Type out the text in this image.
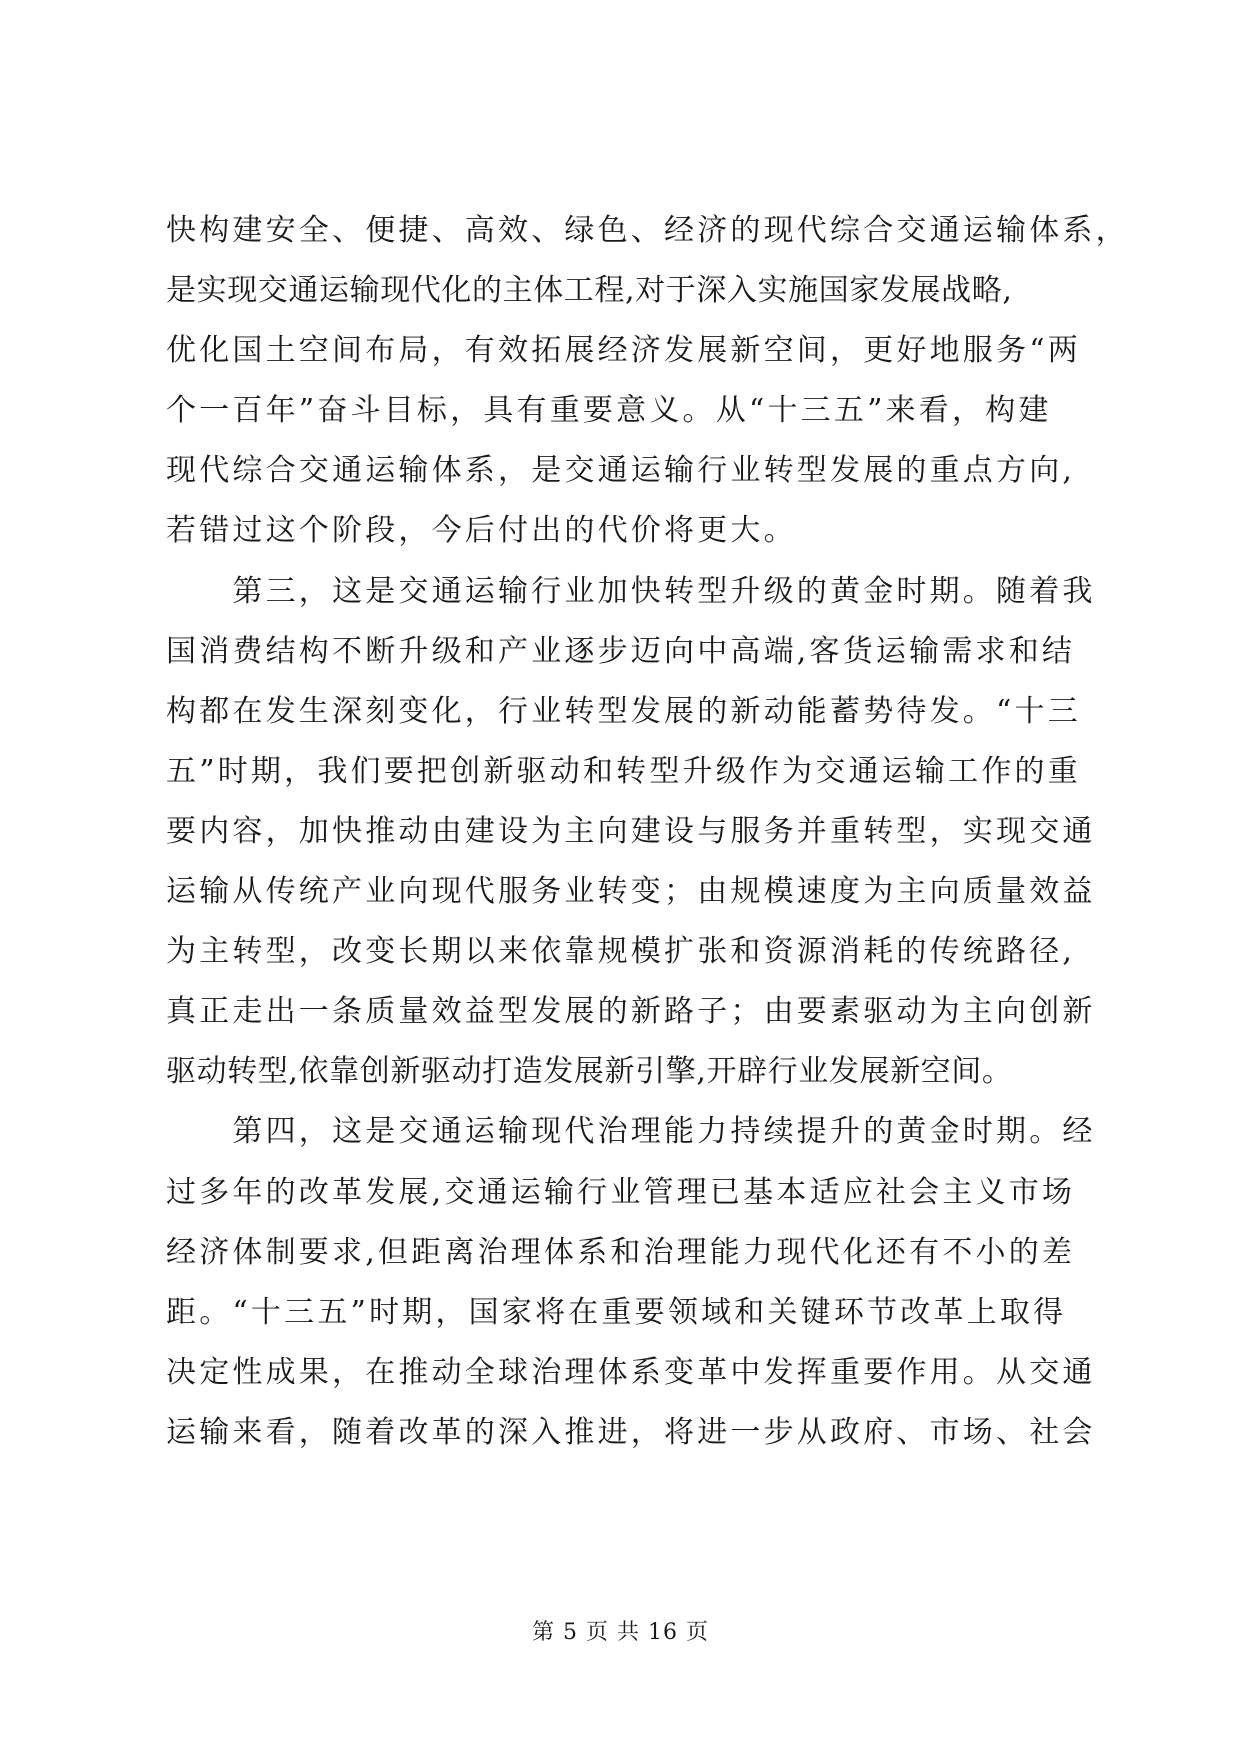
快构建安全、便捷、高效、绿色、经济的现代综合交通运输体系，
是实现交通运输现代化的主体工程,对于深入实施国家发展战略,
优化国土空间布局，有效拓展经济发展新空间，更好地服务“两
个一百年”奋斗目标，具有重要意义。从“十三五”来看，构建
现代综合交通运输体系，是交通运输行业转型发展的重点方向,
若错过这个阶段，今后付出的代价将更大。
　　第三，这是交通运输行业加快转型升级的黄金时期。随着我
国消费结构不断升级和产业逐步迈向中高端,客货运输需求和结
构都在发生深刻变化，行业转型发展的新动能蓄势待发。“十三
五”时期，我们要把创新驱动和转型升级作为交通运输工作的重
要内容，加快推动由建设为主向建设与服务并重转型，实现交通
运输从传统产业向现代服务业转变；由规模速度为主向质量效益
为主转型，改变长期以来依靠规模扩张和资源消耗的传统路径,
真正走出一条质量效益型发展的新路子；由要素驱动为主向创新
驱动转型,依靠创新驱动打造发展新引擎,开辟行业发展新空间。
　　第四，这是交通运输现代治理能力持续提升的黄金时期。经
过多年的改革发展,交通运输行业管理已基本适应社会主义市场
经济体制要求,但距离治理体系和治理能力现代化还有不小的差
距。“十三五”时期，国家将在重要领域和关键环节改革上取得
决定性成果，在推动全球治理体系变革中发挥重要作用。从交通
运输来看，随着改革的深入推进，将进一步从政府、市场、社会
第 5 页 共 16 页
